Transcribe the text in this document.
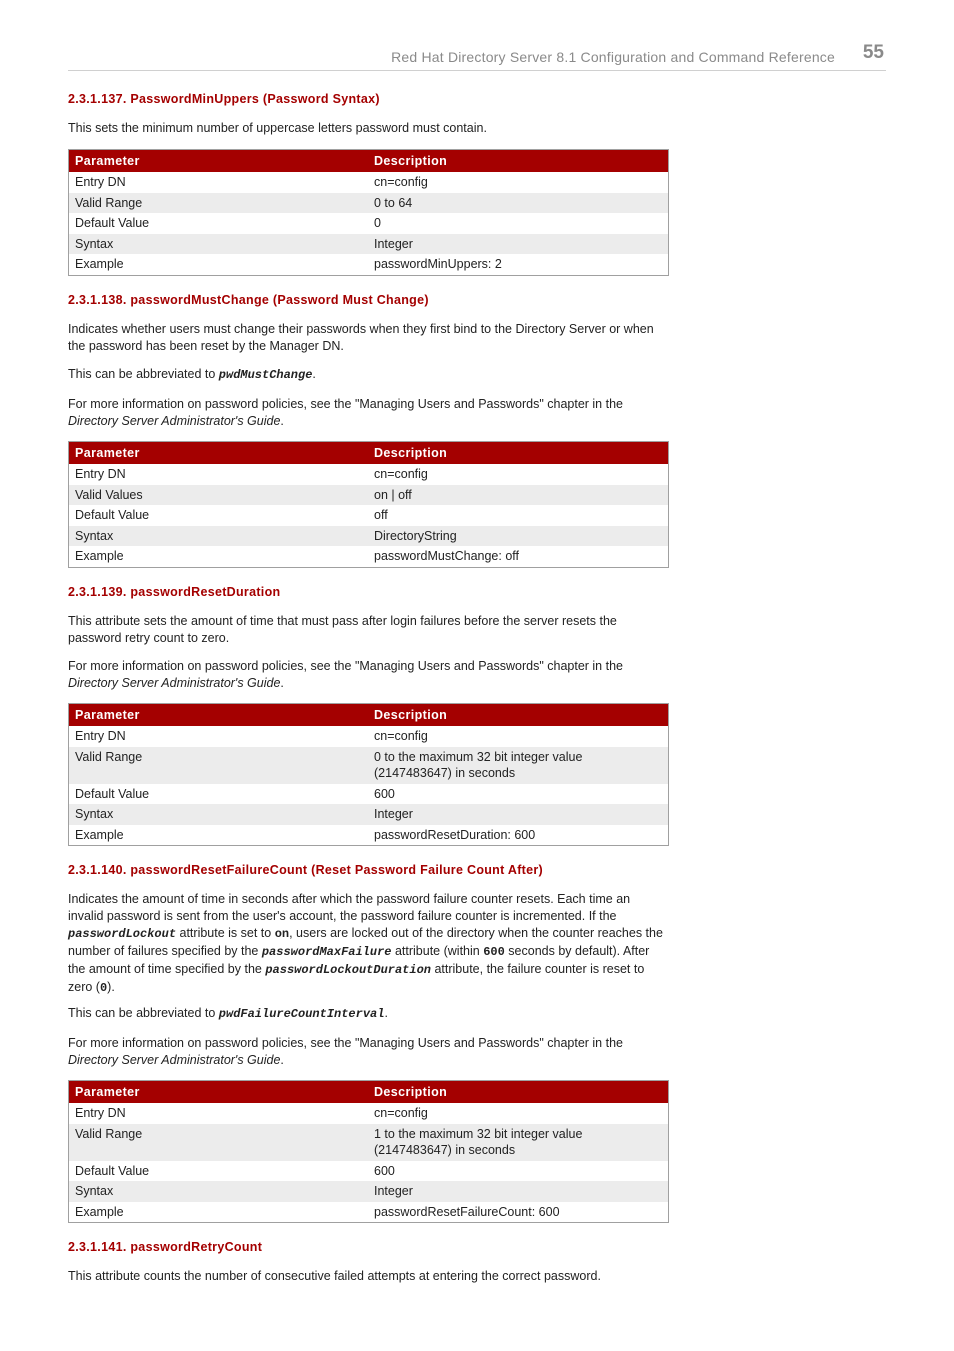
Red Hat Directory Server 8.1 Configuration and Command Reference 55
2.3.1.137. PasswordMinUppers (Password Syntax)

This sets the minimum number of uppercase letters password must contain.

Parameter	Description
Entry DN	cn=config
Valid Range	0 to 64
Default Value	0
Syntax	Integer
Example	passwordMinUppers: 2
2.3.1.138. passwordMustChange (Password Must Change)

Indicates whether users must change their passwords when they first bind to the Directory Server or when the password has been reset by the Manager DN.

This can be abbreviated to pwdMustChange.

For more information on password policies, see the "Managing Users and Passwords" chapter in the Directory Server Administrator's Guide.

Parameter	Description
Entry DN	cn=config
Valid Values	on | off
Default Value	off
Syntax	DirectoryString
Example	passwordMustChange: off
2.3.1.139. passwordResetDuration

This attribute sets the amount of time that must pass after login failures before the server resets the password retry count to zero.

For more information on password policies, see the "Managing Users and Passwords" chapter in the Directory Server Administrator's Guide.

Parameter	Description
Entry DN	cn=config
Valid Range	0 to the maximum 32 bit integer value (2147483647) in seconds
Default Value	600
Syntax	Integer
Example	passwordResetDuration: 600
2.3.1.140. passwordResetFailureCount (Reset Password Failure Count After)

Indicates the amount of time in seconds after which the password failure counter resets. Each time an invalid password is sent from the user's account, the password failure counter is incremented. If the passwordLockout attribute is set to on, users are locked out of the directory when the counter reaches the number of failures specified by the passwordMaxFailure attribute (within 600 seconds by default). After the amount of time specified by the passwordLockoutDuration attribute, the failure counter is reset to zero (0).

This can be abbreviated to pwdFailureCountInterval.

For more information on password policies, see the "Managing Users and Passwords" chapter in the Directory Server Administrator's Guide.

Parameter	Description
Entry DN	cn=config
Valid Range	1 to the maximum 32 bit integer value (2147483647) in seconds
Default Value	600
Syntax	Integer
Example	passwordResetFailureCount: 600
2.3.1.141. passwordRetryCount

This attribute counts the number of consecutive failed attempts at entering the correct password.
